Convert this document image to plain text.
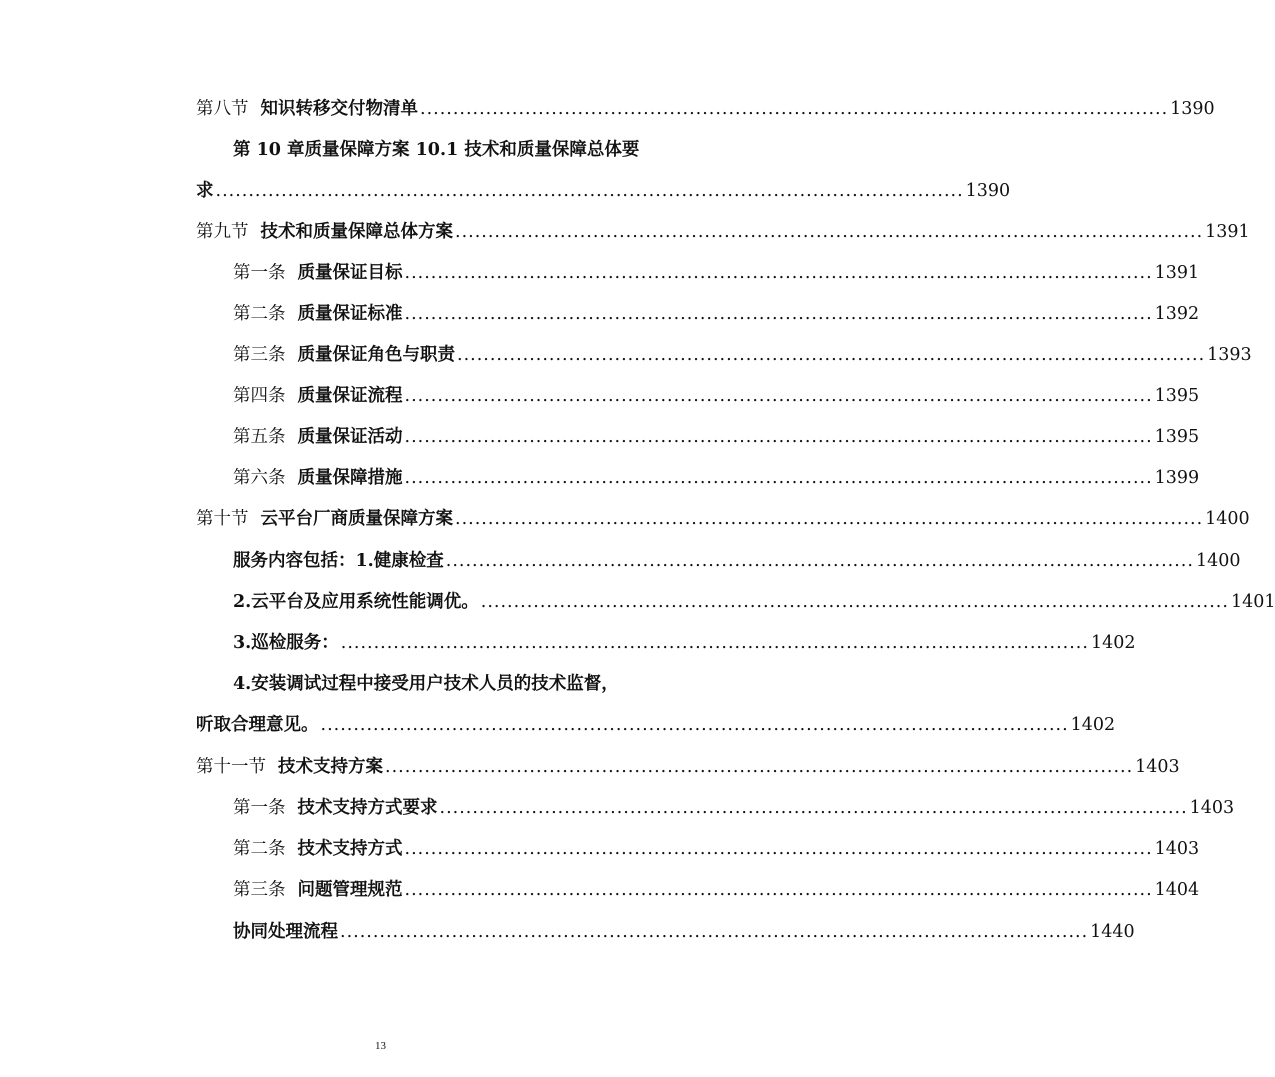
第八节 知识转移交付物清单 .................................................................................................................. 1390
第 10 章质量保障方案 10.1 技术和质量保障总体要
求 .................................................................................................................. 1390
第九节 技术和质量保障总体方案 .................................................................................................................. 1391
第一条 质量保证目标 .................................................................................................................. 1391
第二条 质量保证标准 .................................................................................................................. 1392
第三条 质量保证角色与职责 .................................................................................................................. 1393
第四条 质量保证流程 .................................................................................................................. 1395
第五条 质量保证活动 .................................................................................................................. 1395
第六条 质量保障措施 .................................................................................................................. 1399
第十节 云平台厂商质量保障方案 .................................................................................................................. 1400
服务内容包括：1.健康检查 .................................................................................................................. 1400
2.云平台及应用系统性能调优。 .................................................................................................................. 1401
3.巡检服务： .................................................................................................................. 1402
4.安装调试过程中接受用户技术人员的技术监督，
听取合理意见。 .................................................................................................................. 1402
第十一节 技术支持方案 .................................................................................................................. 1403
第一条 技术支持方式要求 .................................................................................................................. 1403
第二条 技术支持方式 .................................................................................................................. 1403
第三条 问题管理规范 .................................................................................................................. 1404
协同处理流程 .................................................................................................................. 1440
13
